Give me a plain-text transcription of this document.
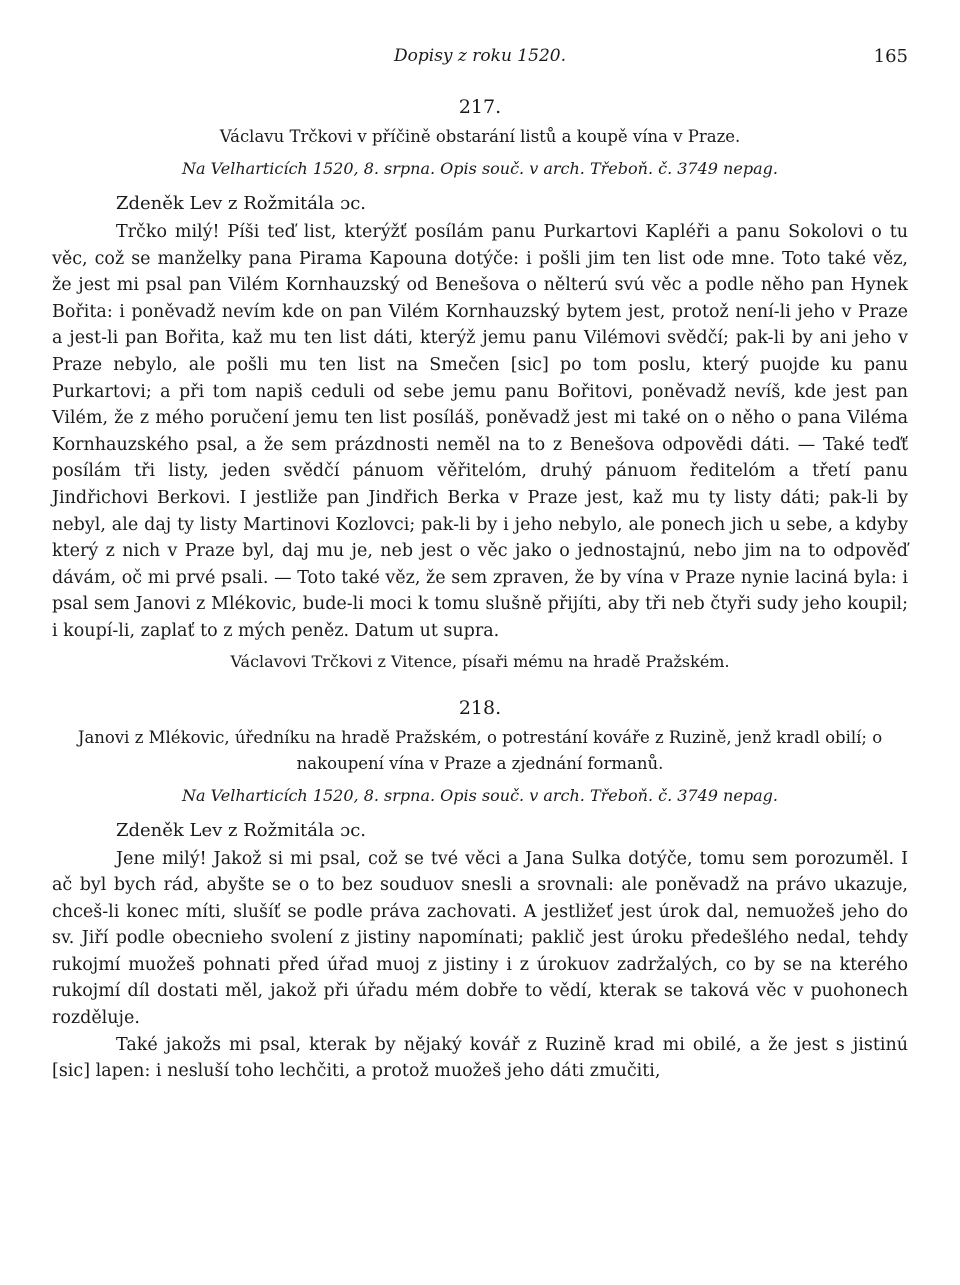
Dopisy z roku 1520.	165
217.
Václavu Trčkovi v příčině obstarání listů a koupě vína v Praze.
Na Velharticích 1520, 8. srpna. Opis souč. v arch. Třeboň. č. 3749 nepag.
Zdeněk Lev z Rožmitála ɔc.

Trčko milý! Píši teď list, kterýžť posílám panu Purkartovi Kapléři a panu Sokolovi o tu věc, což se manželky pana Pirama Kapouna dotýče: i pošli jim ten list ode mne. Toto také věz, že jest mi psal pan Vilém Kornhauzský od Benešova o nělterú svú věc a podle něho pan Hynek Bořita: i poněvadž nevím kde on pan Vilém Kornhauzský bytem jest, protož není-li jeho v Praze a jest-li pan Bořita, kaž mu ten list dáti, kterýž jemu panu Vilémovi svědčí; pak-li by ani jeho v Praze nebylo, ale pošli mu ten list na Smečen [sic] po tom poslu, který puojde ku panu Purkartovi; a při tom napiš ceduli od sebe jemu panu Bořitovi, poněvadž nevíš, kde jest pan Vilém, že z mého poručení jemu ten list posíláš, poněvadž jest mi také on o něho o pana Viléma Kornhauzského psal, a že sem prázdnosti neměl na to z Benešova odpovědi dáti. — Také teďť posílám tři listy, jeden svědčí pánuom věřitelóm, druhý pánuom ředitelóm a třetí panu Jindřichovi Berkovi. I jestliže pan Jindřich Berka v Praze jest, kaž mu ty listy dáti; pak-li by nebyl, ale daj ty listy Martinovi Kozlovci; pak-li by i jeho nebylo, ale ponech jich u sebe, a kdyby který z nich v Praze byl, daj mu je, neb jest o věc jako o jednostajnú, nebo jim na to odpověď dávám, oč mi prvé psali. — Toto také věz, že sem zpraven, že by vína v Praze nynie laciná byla: i psal sem Janovi z Mlékovic, bude-li moci k tomu slušně přijíti, aby tři neb čtyři sudy jeho koupil; i koupí-li, zaplať to z mých peněz. Datum ut supra.

Václavovi Trčkovi z Vitence, písaři mému na hradě Pražském.
218.
Janovi z Mlékovic, úředníku na hradě Pražském, o potrestání kováře z Ruzině, jenž kradl obilí; o nakoupení vína v Praze a zjednání formanů.
Na Velharticích 1520, 8. srpna. Opis souč. v arch. Třeboň. č. 3749 nepag.
Zdeněk Lev z Rožmitála ɔc.

Jene milý! Jakož si mi psal, což se tvé věci a Jana Sulka dotýče, tomu sem porozuměl. I ač byl bych rád, abyšte se o to bez souduov snesli a srovnali: ale poněvadž na právo ukazuje, chceš-li konec míti, slušíť se podle práva zachovati. A jestližeť jest úrok dal, nemuožeš jeho do sv. Jiří podle obecnieho svolení z jistiny napomínati; paklič jest úroku předešlého nedal, tehdy rukojmí muožeš pohnati před úřad muoj z jistiny i z úrokuov zadržalých, co by se na kterého rukojmí díl dostati měl, jakož při úřadu mém dobře to vědí, kterak se taková věc v puohonech rozděluje.

Také jakožs mi psal, kterak by nějaký kovář z Ruzině krad mi obilé, a že jest s jistinú [sic] lapen: i nesluší toho lechčiti, a protož muožeš jeho dáti zmučiti,
